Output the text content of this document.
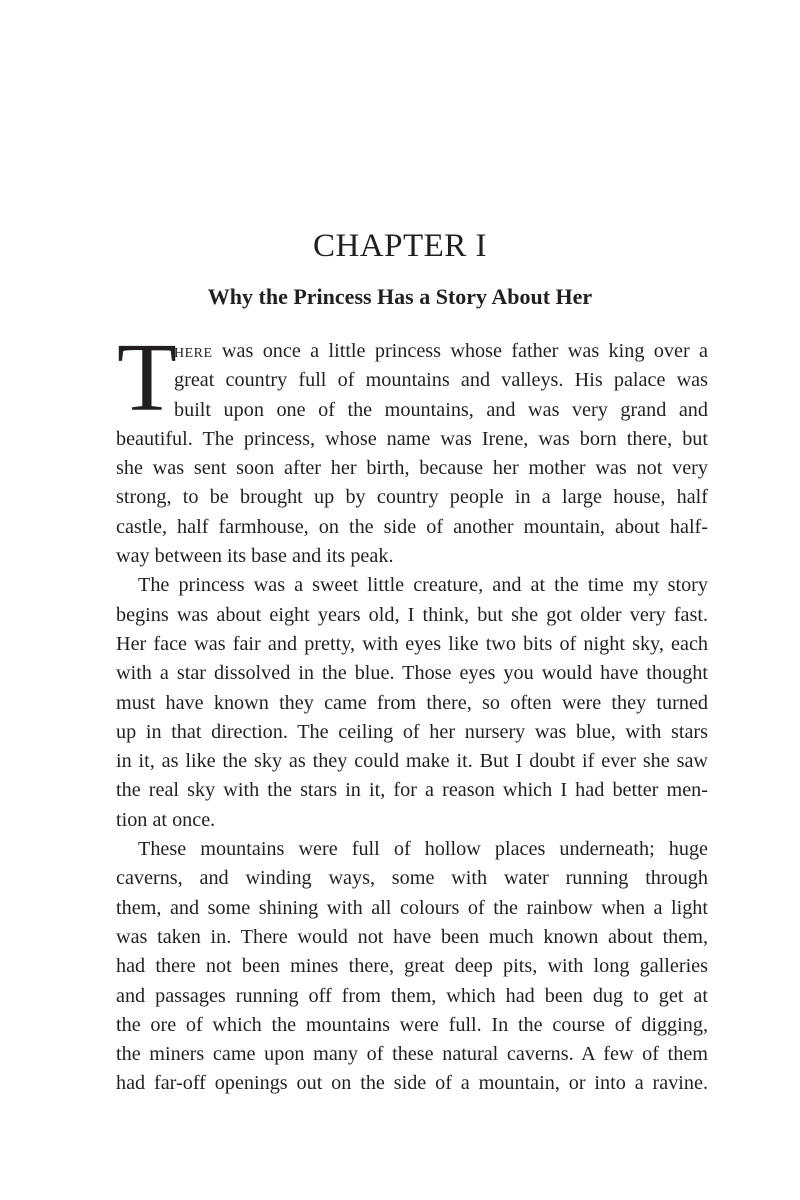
CHAPTER I
Why the Princess Has a Story About Her
T
here was once a little princess whose father was king over a
great country full of mountains and valleys. His palace was
built upon one of the mountains, and was very grand and
beautiful. The princess, whose name was Irene, was born there, but
she was sent soon after her birth, because her mother was not very
strong, to be brought up by country people in a large house, half
castle, half farmhouse, on the side of another mountain, about half-
way between its base and its peak.
The princess was a sweet little creature, and at the time my story
begins was about eight years old, I think, but she got older very fast.
Her face was fair and pretty, with eyes like two bits of night sky, each
with a star dissolved in the blue. Those eyes you would have thought
must have known they came from there, so often were they turned
up in that direction. The ceiling of her nursery was blue, with stars
in it, as like the sky as they could make it. But I doubt if ever she saw
the real sky with the stars in it, for a reason which I had better men-
tion at once.
These mountains were full of hollow places underneath; huge
caverns, and winding ways, some with water running through
them, and some shining with all colours of the rainbow when a light
was taken in. There would not have been much known about them,
had there not been mines there, great deep pits, with long galleries
and passages running off from them, which had been dug to get at
the ore of which the mountains were full. In the course of digging,
the miners came upon many of these natural caverns. A few of them
had far-off openings out on the side of a mountain, or into a ravine.
